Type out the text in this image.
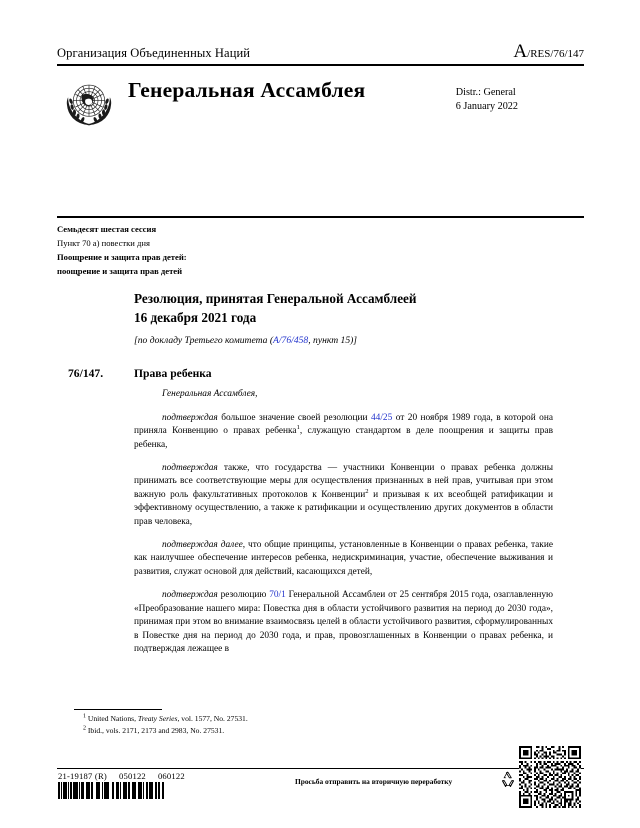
Организация Объединенных Наций	A /RES/76/147
Генеральная Ассамблея	Distr.: General
6 January 2022
Семьдесят шестая сессия
Пункт 70 a) повестки дня
Поощрение и защита прав детей:
поощрение и защита прав детей
Резолюция, принятая Генеральной Ассамблеей
16 декабря 2021 года
[по докладу Третьего комитета (A/76/458, пункт 15)]
76/147.	Права ребенка
Генеральная Ассамблея,

подтверждая большое значение своей резолюции 44/25 от 20 ноября 1989 года, в которой она приняла Конвенцию о правах ребенка$^1$, служащую стандартом в деле поощрения и защиты прав ребенка,

подтверждая также, что государства — участники Конвенции о правах ребенка должны принимать все соответствующие меры для осуществления признанных в ней прав, учитывая при этом важную роль факультативных протоколов к Конвенции$^2$ и призывая к их всеобщей ратификации и эффективному осуществлению, а также к ратификации и осуществлению других документов в области прав человека,

подтверждая далее, что общие принципы, установленные в Конвенции о правах ребенка, такие как наилучшее обеспечение интересов ребенка, недискриминация, участие, обеспечение выживания и развития, служат основой для действий, касающихся детей,

подтверждая резолюцию 70/1 Генеральной Ассамблеи от 25 сентября 2015 года, озаглавленную «Преобразование нашего мира: Повестка дня в области устойчивого развития на период до 2030 года», принимая при этом во внимание взаимосвязь целей в области устойчивого развития, сформулированных в Повестке дня на период до 2030 года, и прав, провозглашенных в Конвенции о правах ребенка, и подтверждая лежащее в

$^1$ United Nations, Treaty Series, vol. 1577, No. 27531.
$^2$ Ibid., vols. 2171, 2173 and 2983, No. 27531.
21-19187 (R) 050122 060122
Просьба отправить на вторичную переработку
